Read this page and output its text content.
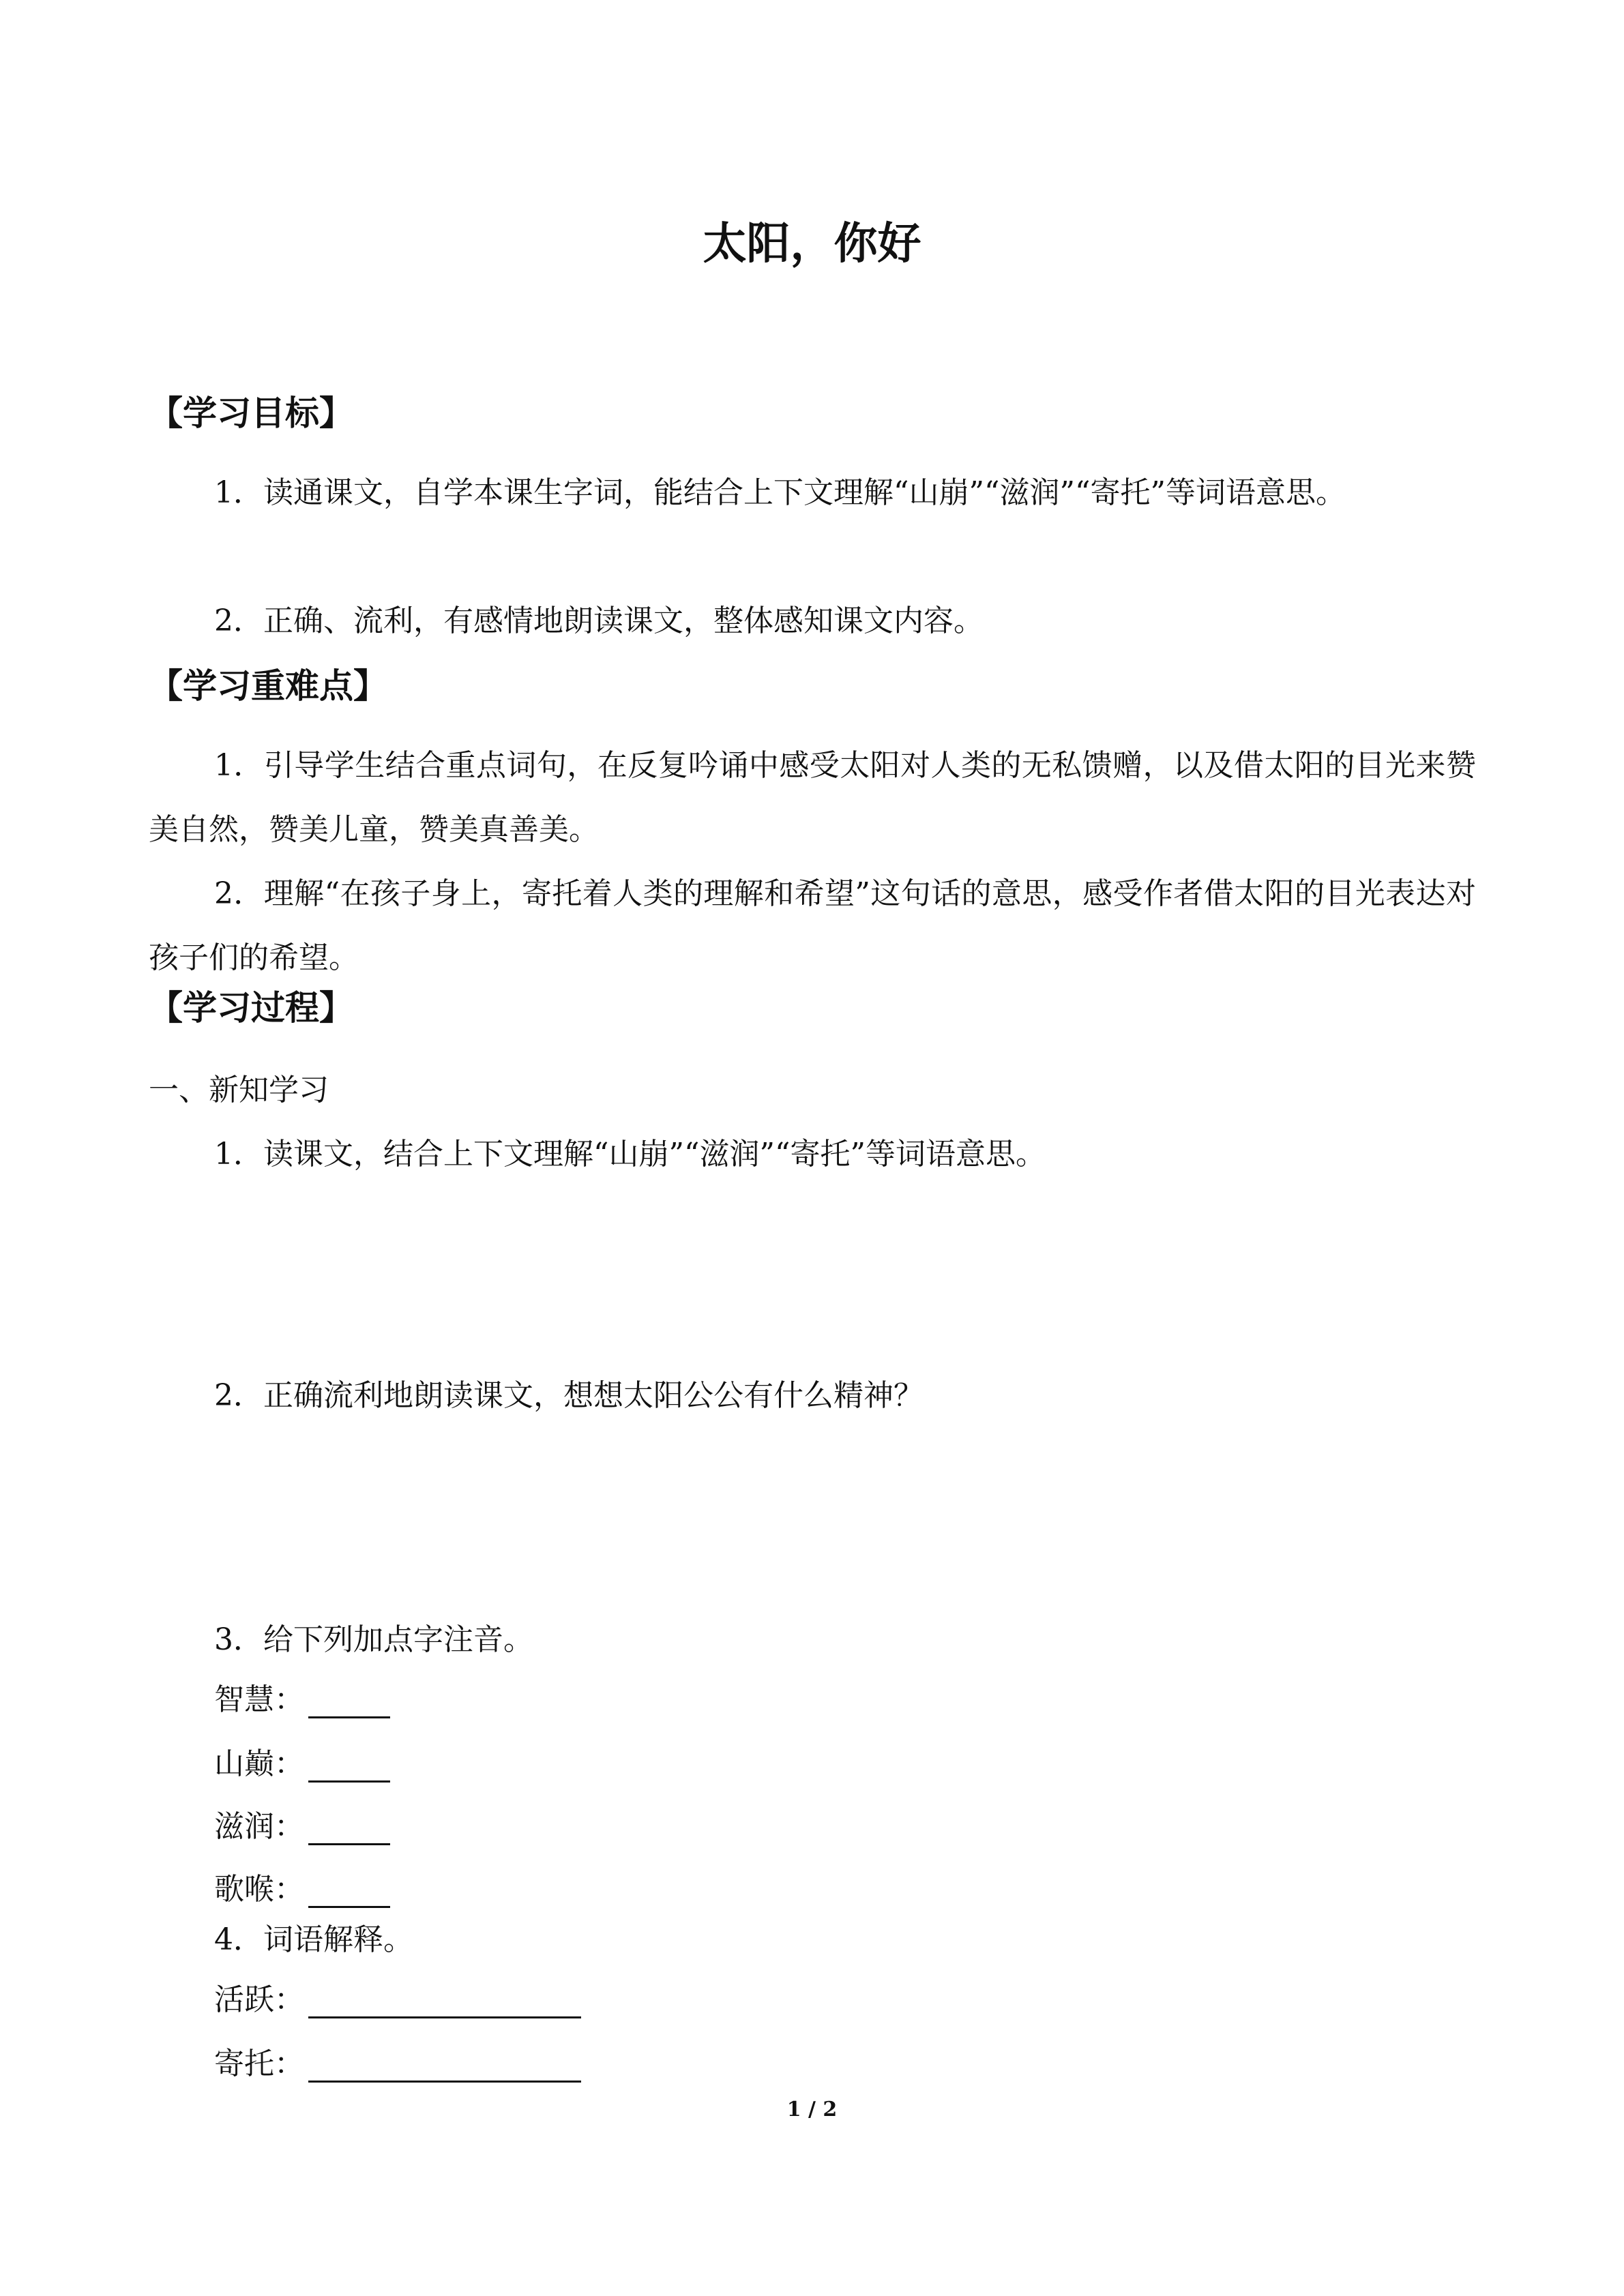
太阳，你好
【学习目标】
1．读通课文，自学本课生字词，能结合上下文理解“山崩”“滋润”“寄托”等词语意思。
2．正确、流利，有感情地朗读课文，整体感知课文内容。
【学习重难点】
1．引导学生结合重点词句，在反复吟诵中感受太阳对人类的无私馈赠，以及借太阳的目光来赞美自然，赞美儿童，赞美真善美。
2．理解“在孩子身上，寄托着人类的理解和希望”这句话的意思，感受作者借太阳的目光表达对孩子们的希望。
【学习过程】
一、新知学习
1．读课文，结合上下文理解“山崩”“滋润”“寄托”等词语意思。
2．正确流利地朗读课文，想想太阳公公有什么精神？
3．给下列加点字注音。
智慧：
山巅：
滋润：
歌喉：
4．词语解释。
活跃：
寄托：
1 / 2
